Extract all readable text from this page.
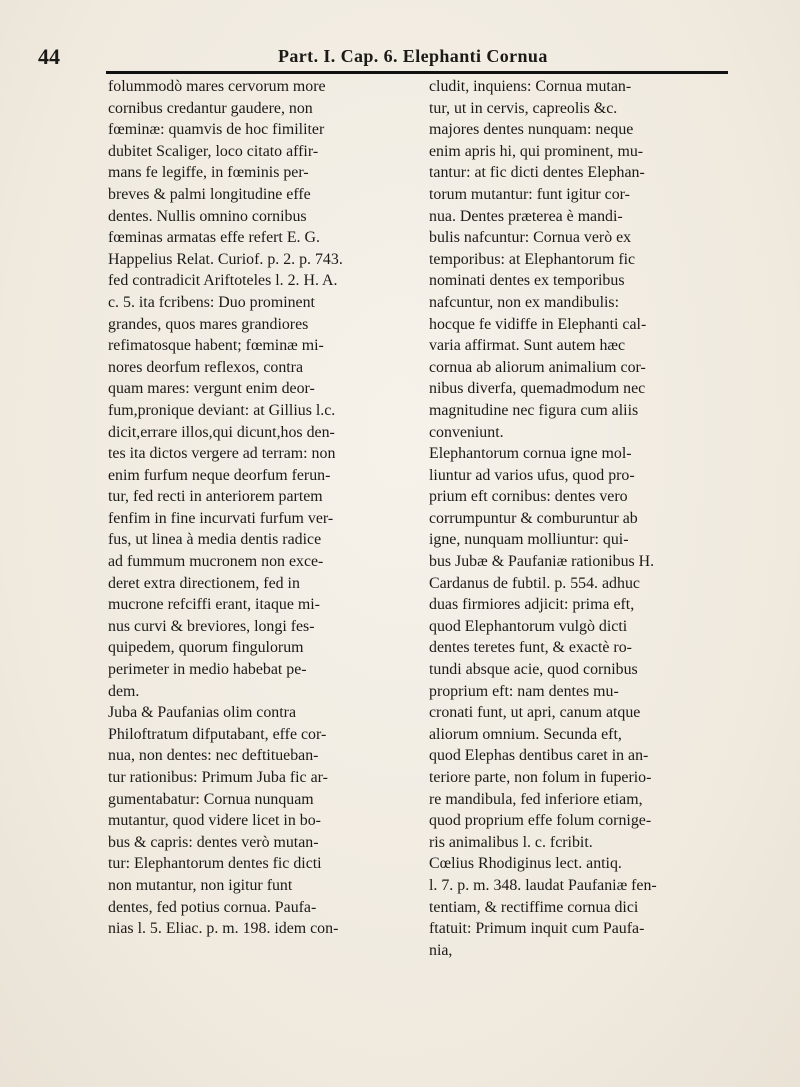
44	Part. I. Cap. 6. Elephanti Cornua
folummodò mares cervorum more
cornibus credantur gaudere, non
fœminæ: quamvis de hoc fimiliter
dubitet Scaliger, loco citato affir-
mans fe legiffe, in fœminis per-
breves & palmi longitudine effe
dentes. Nullis omnino cornibus
fœminas armatas effe refert E. G.
Happelius Relat. Curiof. p. 2. p. 743.
fed contradicit Ariftoteles l. 2. H. A.
c. 5. ita fcribens: Duo prominent
grandes, quos mares grandiores
refimatosque habent; fœminæ mi-
nores deorfum reflexos, contra
quam mares: vergunt enim deor-
fum,pronique deviant: at Gillius l.c.
dicit,errare illos,qui dicunt,hos den-
tes ita dictos vergere ad terram: non
enim furfum neque deorfum ferun-
tur, fed recti in anteriorem partem
fenfim in fine incurvati furfum ver-
fus, ut linea à media dentis radice
ad fummum mucronem non exce-
deret extra directionem, fed in
mucrone refciffi erant, itaque mi-
nus curvi & breviores, longi fes-
quipedem, quorum fingulorum
perimeter in medio habebat pe-
dem.
Juba & Paufanias olim contra
Philoftratum difputabant, effe cor-
nua, non dentes: nec deftitueban-
tur rationibus: Primum Juba fic ar-
gumentabatur: Cornua nunquam
mutantur, quod videre licet in bo-
bus & capris: dentes verò mutan-
tur: Elephantorum dentes fic dicti
non mutantur, non igitur funt
dentes, fed potius cornua. Paufa-
nias l. 5. Eliac. p. m. 198. idem con-
cludit, inquiens: Cornua mutan-
tur, ut in cervis, capreolis &c.
majores dentes nunquam: neque
enim apris hi, qui prominent, mu-
tantur: at fic dicti dentes Elephan-
torum mutantur: funt igitur cor-
nua. Dentes præterea è mandi-
bulis nafcuntur: Cornua verò ex
temporibus: at Elephantorum fic
nominati dentes ex temporibus
nafcuntur, non ex mandibulis:
hocque fe vidiffe in Elephanti cal-
varia affirmat. Sunt autem hæc
cornua ab aliorum animalium cor-
nibus diverfa, quemadmodum nec
magnitudine nec figura cum aliis
conveniunt.
Elephantorum cornua igne mol-
liuntur ad varios ufus, quod pro-
prium eft cornibus: dentes vero
corrumpuntur & comburuntur ab
igne, nunquam molliuntur: qui-
bus Jubæ & Paufaniæ rationibus H.
Cardanus de fubtil. p. 554. adhuc
duas firmiores adjicit: prima eft,
quod Elephantorum vulgò dicti
dentes teretes funt, & exactè ro-
tundi absque acie, quod cornibus
proprium eft: nam dentes mu-
cronati funt, ut apri, canum atque
aliorum omnium. Secunda eft,
quod Elephas dentibus caret in an-
teriore parte, non folum in fuperio-
re mandibula, fed inferiore etiam,
quod proprium effe folum cornige-
ris animalibus l. c. fcribit.
Cœlius Rhodiginus lect. antiq.
l. 7. p. m. 348. laudat Paufaniæ fen-
tentiam, & rectiffime cornua dici
ftatuit: Primum inquit cum Paufa-
nia,
